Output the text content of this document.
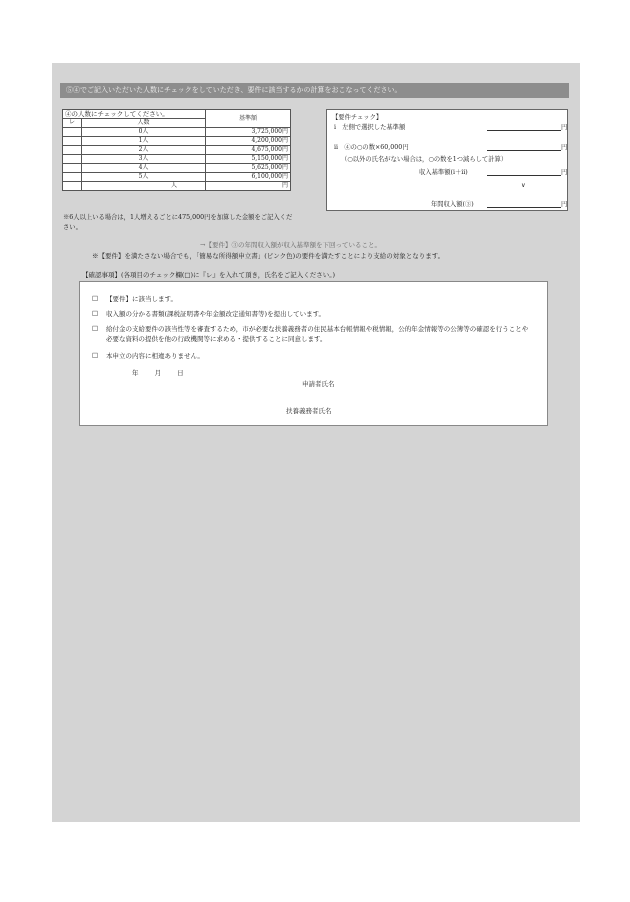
⑤④でご記入いただいた人数にチェックをしていただき、要件に該当するかの計算をおこなってください。
④の人数にチェックしてください。		基準額
レ	人数	
	0人	3,725,000円
	1人	4,200,000円
	2人	4,675,000円
	3人	5,150,000円
	4人	5,625,000円
	5人	6,100,000円
	人	円
※6人以上いる場合は，1人増えるごとに475,000円を加算した金額をご記入ください。
【要件チェック】
i　左側で選択した基準額	円
ii　④の○の数×60,000円	円
（○以外の氏名がない場合は，○の数を1つ減らして計算）
収入基準額(i＋ii)	円
∨
年間収入額(③)	円
→【要件】③の年間収入額が収入基準額を下回っていること。
※【要件】を満たさない場合でも，「簡易な所得額申立書」(ピンク色)の要件を満たすことにより支給の対象となります。
【確認事項】(各項目のチェック欄(□)に『レ』を入れて頂き，氏名をご記入ください。)
□	【要件】に該当します。
□	収入額の分かる書類(課税証明書や年金額改定通知書等)を提出しています。
□	給付金の支給要件の該当性等を審査するため，市が必要な扶養義務者の住民基本台帳情報や税情報，公的年金情報等の公簿等の確認を行うことや必要な資料の提供を他の行政機関等に求める・提供することに同意します。
□	本申立の内容に相違ありません。
年 月 日
申請者氏名
扶養義務者氏名
